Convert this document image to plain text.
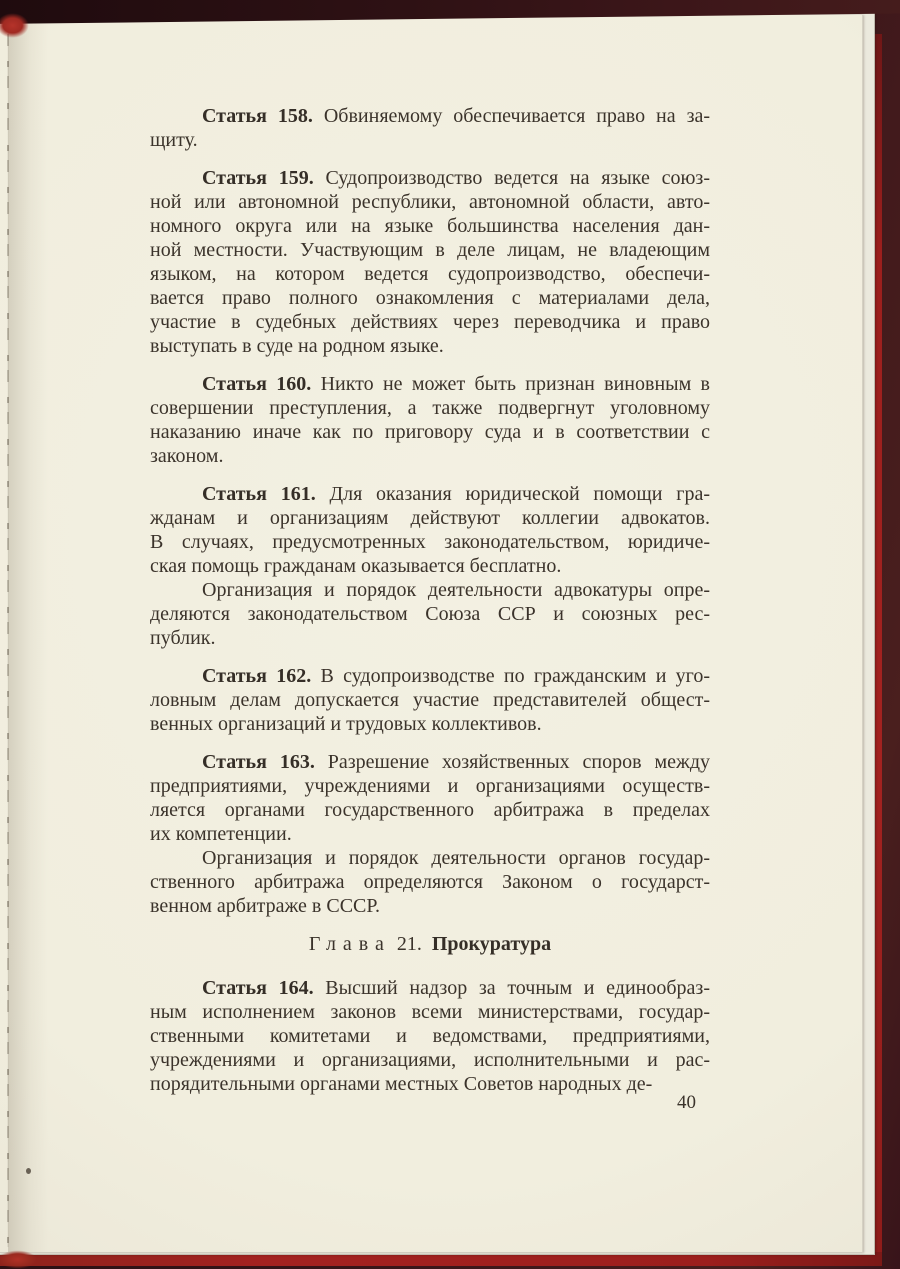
Статья 158. Обвиняемому обеспечивается право на за-
щиту.
Статья 159. Судопроизводство ведется на языке союз-
ной или автономной республики, автономной области, авто-
номного округа или на языке большинства населения дан-
ной местности. Участвующим в деле лицам, не владеющим
языком, на котором ведется судопроизводство, обеспечи-
вается право полного ознакомления с материалами дела,
участие в судебных действиях через переводчика и право
выступать в суде на родном языке.
Статья 160. Никто не может быть признан виновным в
совершении преступления, а также подвергнут уголовному
наказанию иначе как по приговору суда и в соответствии с
законом.
Статья 161. Для оказания юридической помощи гра-
жданам и организациям действуют коллегии адвокатов.
В случаях, предусмотренных законодательством, юридиче-
ская помощь гражданам оказывается бесплатно.
Организация и порядок деятельности адвокатуры опре-
деляются законодательством Союза ССР и союзных рес-
публик.
Статья 162. В судопроизводстве по гражданским и уго-
ловным делам допускается участие представителей общест-
венных организаций и трудовых коллективов.
Статья 163. Разрешение хозяйственных споров между
предприятиями, учреждениями и организациями осуществ-
ляется органами государственного арбитража в пределах
их компетенции.
Организация и порядок деятельности органов государ-
ственного арбитража определяются Законом о государст-
венном арбитраже в СССР.
Глава 21. Прокуратура
Статья 164. Высший надзор за точным и единообраз-
ным исполнением законов всеми министерствами, государ-
ственными комитетами и ведомствами, предприятиями,
учреждениями и организациями, исполнительными и рас-
порядительными органами местных Советов народных де-
40
